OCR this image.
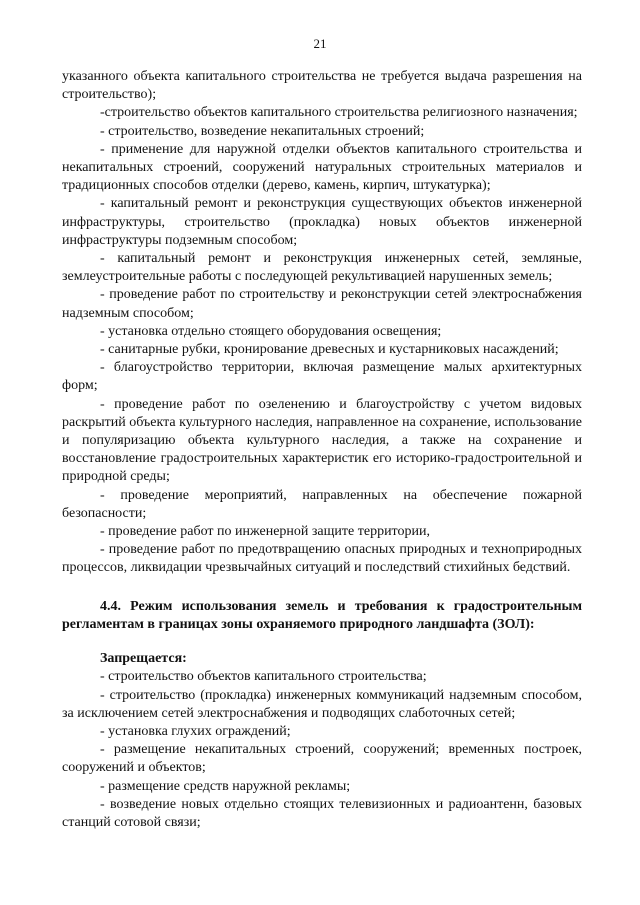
21

указанного объекта капитального строительства не требуется выдача разрешения на строительство);

-строительство объектов капитального строительства религиозного назначения;

- строительство, возведение некапитальных строений;

- применение для наружной отделки объектов капитального строительства и некапитальных строений, сооружений натуральных строительных материалов и традиционных способов отделки (дерево, камень, кирпич, штукатурка);

- капитальный ремонт и реконструкция существующих объектов инженерной инфраструктуры, строительство (прокладка) новых объектов инженерной инфраструктуры подземным способом;

- капитальный ремонт и реконструкция инженерных сетей, земляные, землеустроительные работы с последующей рекультивацией нарушенных земель;

- проведение работ по строительству и реконструкции сетей электроснабжения надземным способом;

- установка отдельно стоящего оборудования освещения;

- санитарные рубки, кронирование древесных и кустарниковых насаждений;

- благоустройство территории, включая размещение малых архитектурных форм;

- проведение работ по озеленению и благоустройству с учетом видовых раскрытий объекта культурного наследия, направленное на сохранение, использование и популяризацию объекта культурного наследия, а также на сохранение и восстановление градостроительных характеристик его историко-градостроительной и природной среды;

- проведение мероприятий, направленных на обеспечение пожарной безопасности;

- проведение работ по инженерной защите территории,

- проведение работ по предотвращению опасных природных и технoприродных процессов, ликвидации чрезвычайных ситуаций и последствий стихийных бедствий.

4.4. Режим использования земель и требования к градостроительным регламентам в границах зоны охраняемого природного ландшафта (ЗОЛ):

Запрещается:

- строительство объектов капитального строительства;

- строительство (прокладка) инженерных коммуникаций надземным способом, за исключением сетей электроснабжения и подводящих слаботочных сетей;

- установка глухих ограждений;

- размещение некапитальных строений, сооружений; временных построек, сооружений и объектов;

- размещение средств наружной рекламы;

- возведение новых отдельно стоящих телевизионных и радиоантенн, базовых станций сотовой связи;
